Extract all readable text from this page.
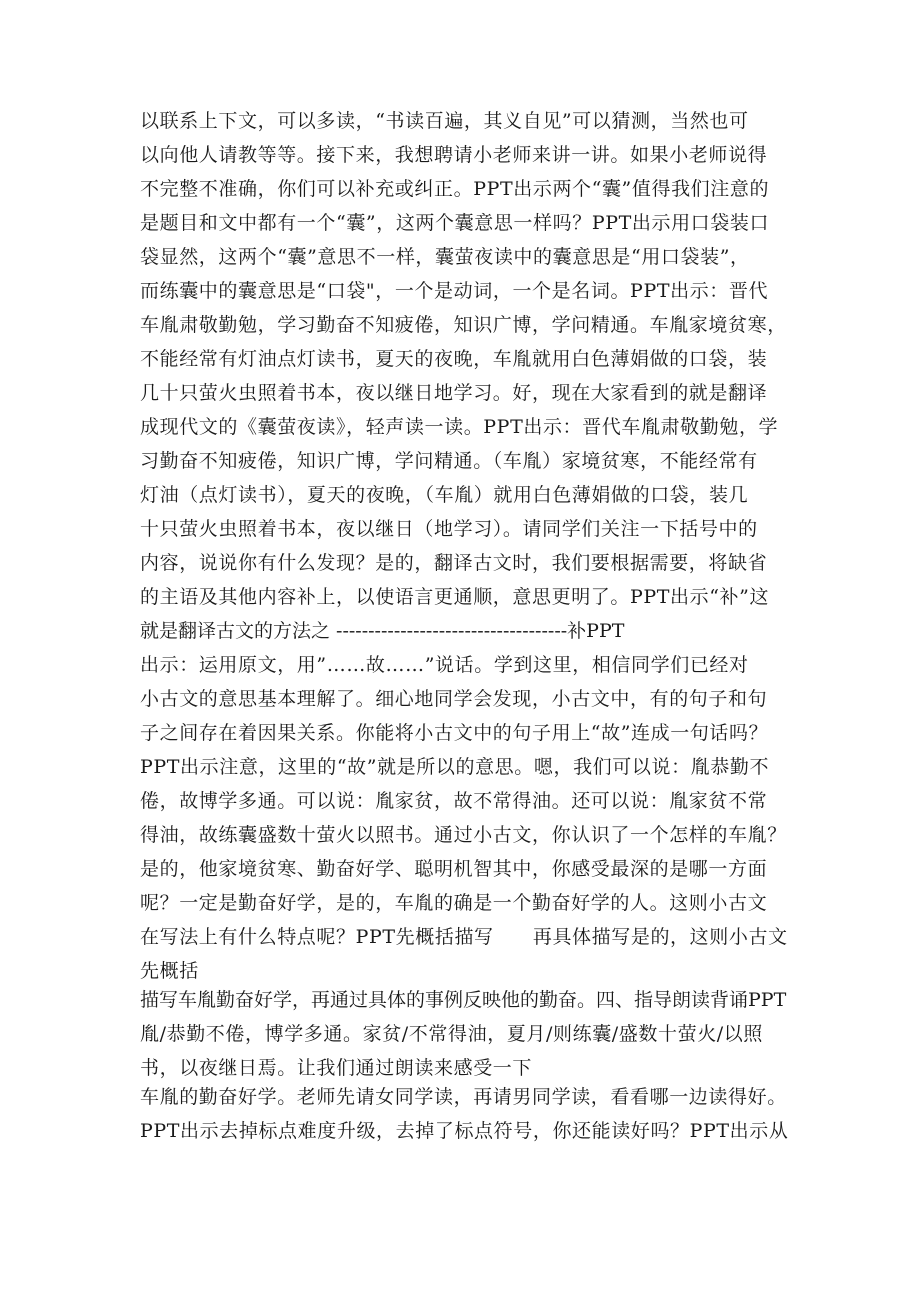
以联系上下文，可以多读，“书读百遍，其义自见”可以猜测，当然也可
以向他人请教等等。接下来，我想聘请小老师来讲一讲。如果小老师说得
不完整不准确，你们可以补充或纠正。PPT出示两个“囊”值得我们注意的
是题目和文中都有一个“囊”，这两个囊意思一样吗？PPT出示用口袋装口
袋显然，这两个“囊”意思不一样，囊萤夜读中的囊意思是“用口袋装”，
而练囊中的囊意思是“口袋"，一个是动词，一个是名词。PPT出示：晋代
车胤肃敬勤勉，学习勤奋不知疲倦，知识广博，学问精通。车胤家境贫寒，
不能经常有灯油点灯读书，夏天的夜晚，车胤就用白色薄娟做的口袋，装
几十只萤火虫照着书本，夜以继日地学习。好，现在大家看到的就是翻译
成现代文的《囊萤夜读》，轻声读一读。PPT出示：晋代车胤肃敬勤勉，学
习勤奋不知疲倦，知识广博，学问精通。（车胤）家境贫寒，不能经常有
灯油（点灯读书），夏天的夜晚，（车胤）就用白色薄娟做的口袋，装几
十只萤火虫照着书本，夜以继日（地学习）。请同学们关注一下括号中的
内容，说说你有什么发现？是的，翻译古文时，我们要根据需要，将缺省
的主语及其他内容补上，以使语言更通顺，意思更明了。PPT出示“补”这
就是翻译古文的方法之 ------------------------------------补PPT
出示：运用原文，用”……故……”说话。学到这里，相信同学们已经对
小古文的意思基本理解了。细心地同学会发现，小古文中，有的句子和句
子之间存在着因果关系。你能将小古文中的句子用上“故”连成一句话吗？
PPT出示注意，这里的“故”就是所以的意思。嗯，我们可以说：胤恭勤不
倦，故博学多通。可以说：胤家贫，故不常得油。还可以说：胤家贫不常
得油，故练囊盛数十萤火以照书。通过小古文，你认识了一个怎样的车胤？
是的，他家境贫寒、勤奋好学、聪明机智其中，你感受最深的是哪一方面
呢？一定是勤奋好学，是的，车胤的确是一个勤奋好学的人。这则小古文
在写法上有什么特点呢？PPT先概括描写　　再具体描写是的，这则小古文
先概括
描写车胤勤奋好学，再通过具体的事例反映他的勤奋。四、指导朗读背诵PPT
胤/恭勤不倦，博学多通。家贫/不常得油，夏月/则练囊/盛数十萤火/以照
书，以夜继日焉。让我们通过朗读来感受一下
车胤的勤奋好学。老师先请女同学读，再请男同学读，看看哪一边读得好。
PPT出示去掉标点难度升级，去掉了标点符号，你还能读好吗？PPT出示从
